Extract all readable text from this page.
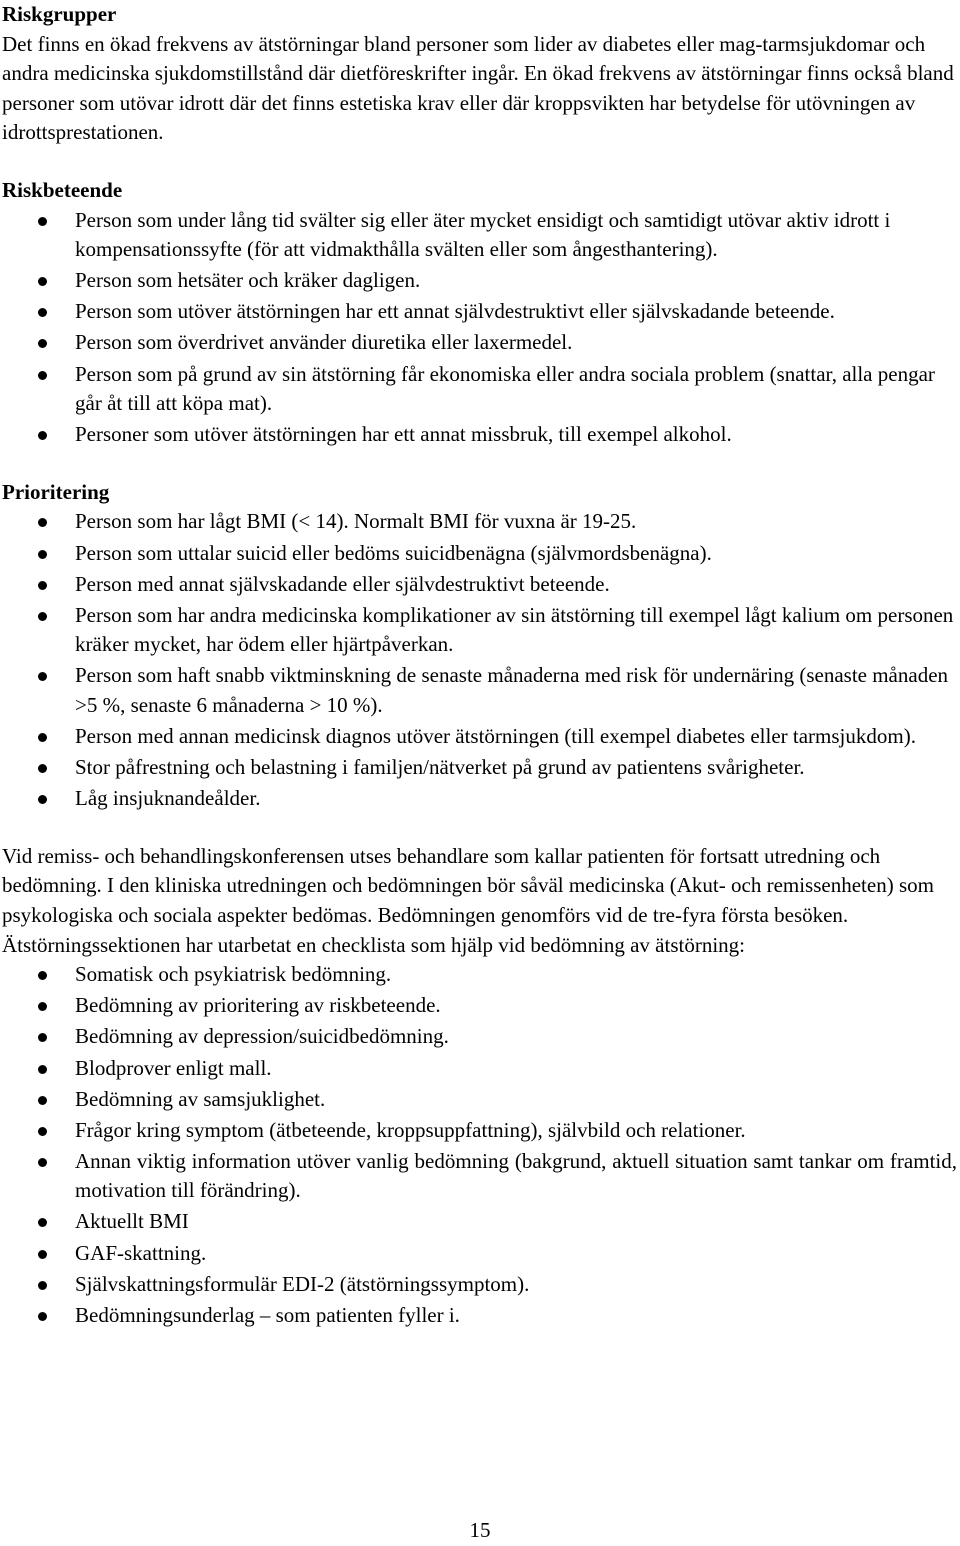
Riskgrupper
Det finns en ökad frekvens av ätstörningar bland personer som lider av diabetes eller mag-tarmsjukdomar och andra medicinska sjukdomstillstånd där dietföreskrifter ingår. En ökad frekvens av ätstörningar finns också bland personer som utövar idrott där det finns estetiska krav eller där kroppsvikten har betydelse för utövningen av idrottsprestationen.
Riskbeteende
Person som under lång tid svälter sig eller äter mycket ensidigt och samtidigt utövar aktiv idrott i kompensationssyfte (för att vidmakthålla svälten eller som ångesthantering).
Person som hetsäter och kräker dagligen.
Person som utöver ätstörningen har ett annat självdestruktivt eller självskadande beteende.
Person som överdrivet använder diuretika eller laxermedel.
Person som på grund av sin ätstörning får ekonomiska eller andra sociala problem (snattar, alla pengar går åt till att köpa mat).
Personer som utöver ätstörningen har ett annat missbruk, till exempel alkohol.
Prioritering
Person som har lågt BMI (< 14). Normalt BMI för vuxna är 19-25.
Person som uttalar suicid eller bedöms suicidbenägna (självmordsbenägna).
Person med annat självskadande eller självdestruktivt beteende.
Person som har andra medicinska komplikationer av sin ätstörning till exempel lågt kalium om personen kräker mycket, har ödem eller hjärtpåverkan.
Person som haft snabb viktminskning de senaste månaderna med risk för undernäring (senaste månaden >5 %, senaste 6 månaderna > 10 %).
Person med annan medicinsk diagnos utöver ätstörningen (till exempel diabetes eller tarmsjukdom).
Stor påfrestning och belastning i familjen/nätverket på grund av patientens svårigheter.
Låg insjuknandeålder.
Vid remiss- och behandlingskonferensen utses behandlare som kallar patienten för fortsatt utredning och bedömning. I den kliniska utredningen och bedömningen bör såväl medicinska (Akut- och remissenheten) som psykologiska och sociala aspekter bedömas. Bedömningen genomförs vid de tre-fyra första besöken. Ätstörningssektionen har utarbetat en checklista som hjälp vid bedömning av ätstörning:
Somatisk och psykiatrisk bedömning.
Bedömning av prioritering av riskbeteende.
Bedömning av depression/suicidbedömning.
Blodprover enligt mall.
Bedömning av samsjuklighet.
Frågor kring symptom (ätbeteende, kroppsuppfattning), självbild och relationer.
Annan viktig information utöver vanlig bedömning (bakgrund, aktuell situation samt tankar om framtid, motivation till förändring).
Aktuellt BMI
GAF-skattning.
Självskattningsformulär EDI-2 (ätstörningssymptom).
Bedömningsunderlag – som patienten fyller i.
15
